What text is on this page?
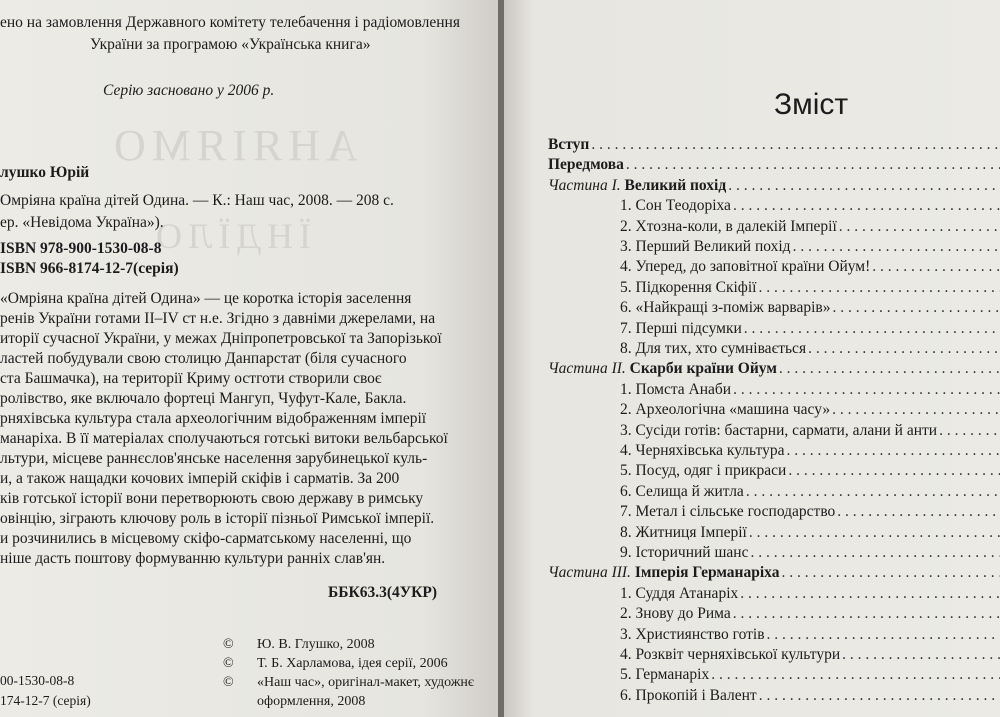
АНЯІЯМО
ЇНДЇЛО
ено на замовлення Державного комітету телебачення і радіомовлення
України за програмою «Українська книга»
Серію засновано у 2006 р.
лушко Юрій
Омріяна країна дітей Одина. — К.: Наш час, 2008. — 208 с.
ер. «Невідома Україна»).
ISBN 978-900-1530-08-8
ISBN 966-8174-12-7(серія)
«Омріяна країна дітей Одина» — це коротка історія заселення
ренів України готами II–IV ст н.е. Згідно з давніми джерелами, на
иторії сучасної України, у межах Дніпропетровської та Запорізької
ластей побудували свою столицю Данпарстат (біля сучасного
ста Башмачка), на території Криму остготи створили своє
ролівство, яке включало фортеці Мангуп, Чуфут-Кале, Бакла.
рняхівська культура стала археологічним відображенням імперії
манаріха. В її матеріалах сполучаються готські витоки вельбарської
льтури, місцеве раннєслов'янське населення зарубинецької куль-
и, а також нащадки кочових імперій скіфів і сарматів. За 200
ків готської історії вони перетворюють свою державу в римську
овінцію, зіграють ключову роль в історії пізньої Римської імперії.
и розчинились в місцевому скіфо-сарматському населенні, що
ніше дасть поштову формуванню культури ранніх слав'ян.
ББК63.3(4УКР)
© Ю. В. Глушко, 2008
© Т. Б. Харламова, ідея серії, 2006
© «Наш час», оригінал-макет, художнє
оформлення, 2008
00-1530-08-8
174-12-7 (серія)
Зміст
Вступ
. . .
Передмова
. . .
Частина I. Великий похід
. . .
1. Сон Теодоріха
. . .
2. Хтозна-коли, в далекій Імперії
. . .
3. Перший Великий похід
. . .
4. Уперед, до заповітної країни Ойум!
. . .
5. Підкорення Скіфії
. . .
6. «Найкращі з-поміж варварів»
. . .
7. Перші підсумки
. . .
8. Для тих, хто сумнівається
. . .
Частина II. Скарби країни Ойум
. . .
1. Помста Анаби
. . .
2. Археологічна «машина часу»
. . .
3. Сусіди готів: бастарни, сармати, алани й анти
. . .
4. Черняхівська культура
. . .
5. Посуд, одяг і прикраси
. . .
6. Селища й житла
. . .
7. Метал і сільське господарство
. . .
8. Житниця Імперії
. . .
9. Історичний шанс
. . .
Частина III. Імперія Германаріха
. . .
1. Суддя Атанаріх
. . .
2. Знову до Рима
. . .
3. Християнство готів
. . .
4. Розквіт черняхівської культури
. . .
5. Германаріх
. . .
6. Прокопій і Валент
. . .
